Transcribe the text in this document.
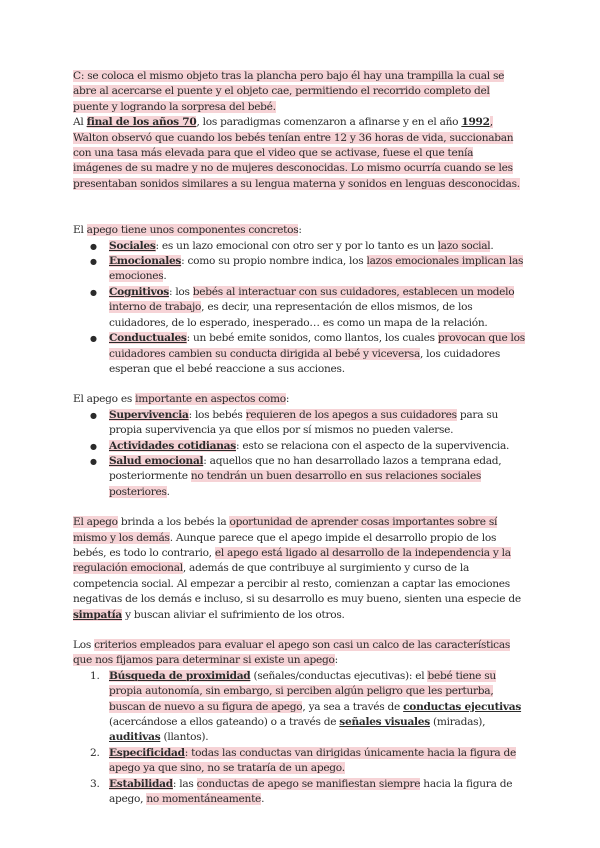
C: se coloca el mismo objeto tras la plancha pero bajo él hay una trampilla la cual se abre al acercarse el puente y el objeto cae, permitiendo el recorrido completo del puente y logrando la sorpresa del bebé.

Al final de los años 70, los paradigmas comenzaron a afinarse y en el año 1992, Walton observó que cuando los bebés tenían entre 12 y 36 horas de vida, succionaban con una tasa más elevada para que el video que se activase, fuese el que tenía imágenes de su madre y no de mujeres desconocidas. Lo mismo ocurría cuando se les presentaban sonidos similares a su lengua materna y sonidos en lenguas desconocidas.

El apego tiene unos componentes concretos:

● Sociales: es un lazo emocional con otro ser y por lo tanto es un lazo social.
● Emocionales: como su propio nombre indica, los lazos emocionales implican las emociones.
● Cognitivos: los bebés al interactuar con sus cuidadores, establecen un modelo interno de trabajo, es decir, una representación de ellos mismos, de los cuidadores, de lo esperado, inesperado… es como un mapa de la relación.
● Conductuales: un bebé emite sonidos, como llantos, los cuales provocan que los cuidadores cambien su conducta dirigida al bebé y viceversa, los cuidadores esperan que el bebé reaccione a sus acciones.

El apego es importante en aspectos como:

● Supervivencia: los bebés requieren de los apegos a sus cuidadores para su propia supervivencia ya que ellos por sí mismos no pueden valerse.
● Actividades cotidianas: esto se relaciona con el aspecto de la supervivencia.
● Salud emocional: aquellos que no han desarrollado lazos a temprana edad, posteriormente no tendrán un buen desarrollo en sus relaciones sociales posteriores.

El apego brinda a los bebés la oportunidad de aprender cosas importantes sobre sí mismo y los demás. Aunque parece que el apego impide el desarrollo propio de los bebés, es todo lo contrario, el apego está ligado al desarrollo de la independencia y la regulación emocional, además de que contribuye al surgimiento y curso de la competencia social. Al empezar a percibir al resto, comienzan a captar las emociones negativas de los demás e incluso, si su desarrollo es muy bueno, sienten una especie de simpatía y buscan aliviar el sufrimiento de los otros.

Los criterios empleados para evaluar el apego son casi un calco de las características que nos fijamos para determinar si existe un apego:

1. Búsqueda de proximidad (señales/conductas ejecutivas): el bebé tiene su propia autonomía, sin embargo, si perciben algún peligro que les perturba, buscan de nuevo a su figura de apego, ya sea a través de conductas ejecutivas (acercándose a ellos gateando) o a través de señales visuales (miradas), auditivas (llantos).
2. Especificidad: todas las conductas van dirigidas únicamente hacia la figura de apego ya que sino, no se trataría de un apego.
3. Estabilidad: las conductas de apego se manifiestan siempre hacia la figura de apego, no momentáneamente.
